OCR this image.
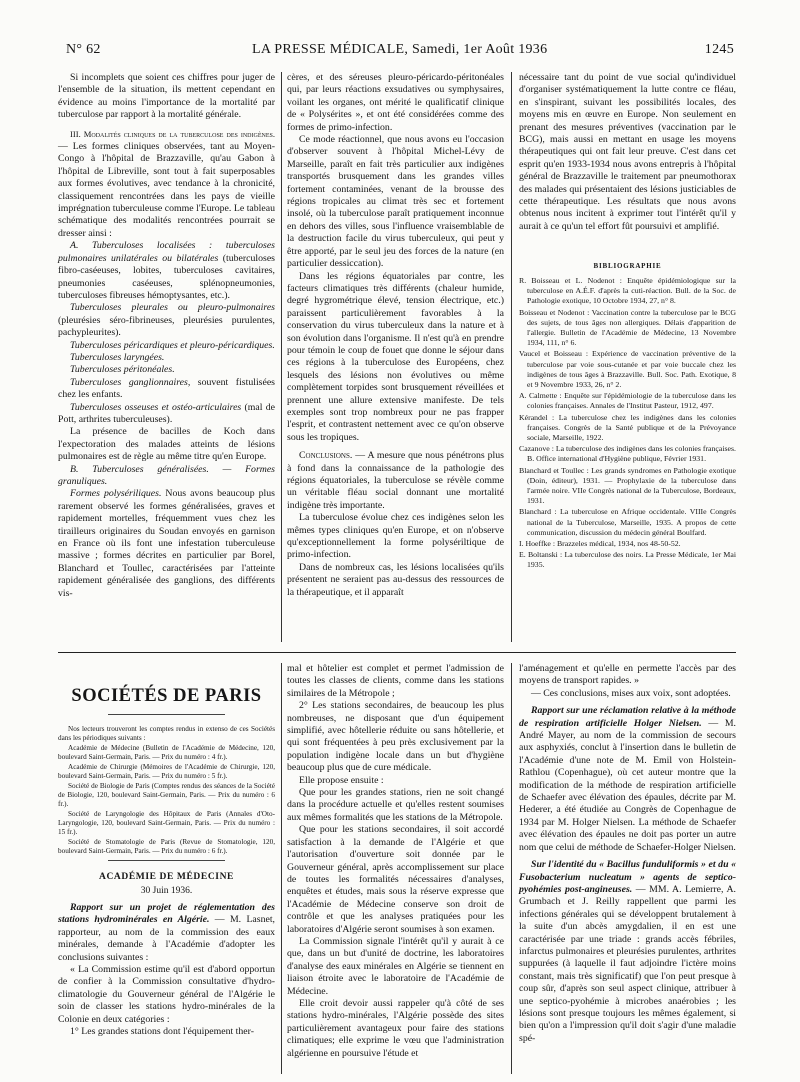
N° 62	LA PRESSE MÉDICALE, Samedi, 1er Août 1936	1245

Si incomplets que soient ces chiffres pour juger de l'ensemble de la situation, ils mettent cependant en évidence au moins l'importance de la mortalité par tuberculose par rapport à la mortalité générale.

III. Modalités cliniques de la tuberculose des indigènes. — Les formes cliniques observées, tant au Moyen-Congo à l'hôpital de Brazzaville, qu'au Gabon à l'hôpital de Libreville, sont tout à fait superposables aux formes évolutives, avec tendance à la chronicité, classiquement rencontrées dans les pays de vieille imprégnation tuberculeuse comme l'Europe. Le tableau schématique des modalités rencontrées pourrait se dresser ainsi :

A. Tuberculoses localisées : tuberculoses pulmonaires unilatérales ou bilatérales (tuberculoses fibro-caséeuses, lobites, tuberculoses cavitaires, pneumonies caséeuses, splénopneumonies, tuberculoses fibreuses hémoptysantes, etc.).

Tuberculoses pleurales ou pleuro-pulmonaires (pleurésies séro-fibrineuses, pleurésies purulentes, pachypleurites).

Tuberculoses péricardiques et pleuro-péricardiques.

Tuberculoses laryngées.

Tuberculoses péritonéales.

Tuberculoses ganglionnaires, souvent fistulisées chez les enfants.

Tuberculoses osseuses et ostéo-articulaires (mal de Pott, arthrites tuberculeuses).

La présence de bacilles de Koch dans l'expectoration des malades atteints de lésions pulmonaires est de règle au même titre qu'en Europe.

B. Tuberculoses généralisées. — Formes granuliques.

Formes polysériliques. Nous avons beaucoup plus rarement observé les formes généralisées, graves et rapidement mortelles, fréquemment vues chez les tirailleurs originaires du Soudan envoyés en garnison en France où ils font une infestation tuberculeuse massive ; formes décrites en particulier par Borel, Blanchard et Toullec, caractérisées par l'atteinte rapidement généralisée des ganglions, des différents vis-

cères, et des séreuses pleuro-péricardo-péritonéales qui, par leurs réactions exsudatives ou symphysaires, voilant les organes, ont mérité le qualificatif clinique de « Polysérites », et ont été considérées comme des formes de primo-infection.

Ce mode réactionnel, que nous avons eu l'occasion d'observer souvent à l'hôpital Michel-Lévy de Marseille, paraît en fait très particulier aux indigènes transportés brusquement dans les grandes villes fortement contaminées, venant de la brousse des régions tropicales au climat très sec et fortement insolé, où la tuberculose paraît pratiquement inconnue en dehors des villes, sous l'influence vraisemblable de la destruction facile du virus tuberculeux, qui peut y être apporté, par le seul jeu des forces de la nature (en particulier dessiccation).

Dans les régions équatoriales par contre, les facteurs climatiques très différents (chaleur humide, degré hygrométrique élevé, tension électrique, etc.) paraissent particulièrement favorables à la conservation du virus tuberculeux dans la nature et à son évolution dans l'organisme. Il n'est qu'à en prendre pour témoin le coup de fouet que donne le séjour dans ces régions à la tuberculose des Européens, chez lesquels des lésions non évolutives ou même complètement torpides sont brusquement réveillées et prennent une allure extensive manifeste. De tels exemples sont trop nombreux pour ne pas frapper l'esprit, et contrastent nettement avec ce qu'on observe sous les tropiques.

Conclusions. — A mesure que nous pénétrons plus à fond dans la connaissance de la pathologie des régions équatoriales, la tuberculose se révèle comme un véritable fléau social donnant une mortalité indigène très importante.

La tuberculose évolue chez ces indigènes selon les mêmes types cliniques qu'en Europe, et on n'observe qu'exceptionnellement la forme polysériltique de primo-infection.

Dans de nombreux cas, les lésions localisées qu'ils présentent ne seraient pas au-dessus des ressources de la thérapeutique, et il apparaît

nécessaire tant du point de vue social qu'individuel d'organiser systématiquement la lutte contre ce fléau, en s'inspirant, suivant les possibilités locales, des moyens mis en œuvre en Europe. Non seulement en prenant des mesures préventives (vaccination par le BCG), mais aussi en mettant en usage les moyens thérapeutiques qui ont fait leur preuve. C'est dans cet esprit qu'en 1933-1934 nous avons entrepris à l'hôpital général de Brazzaville le traitement par pneumothorax des malades qui présentaient des lésions justiciables de cette thérapeutique. Les résultats que nous avons obtenus nous incitent à exprimer tout l'intérêt qu'il y aurait à ce qu'un tel effort fût poursuivi et amplifié.

BIBLIOGRAPHIE

R. Boisseau et L. Nodenot : Enquête épidémiologique sur la tuberculose en A.É.F. d'après la cuti-réaction. Bull. de la Soc. de Pathologie exotique, 10 Octobre 1934, 27, n° 8.

Boisseau et Nodenot : Vaccination contre la tuberculose par le BCG des sujets, de tous âges non allergiques. Délais d'apparition de l'allergie. Bulletin de l'Académie de Médecine, 13 Novembre 1934, 111, n° 6.

Vaucel et Boisseau : Expérience de vaccination préventive de la tuberculose par voie sous-cutanée et par voie buccale chez les indigènes de tous âges à Brazzaville. Bull. Soc. Path. Exotique, 8 et 9 Novembre 1933, 26, n° 2.

A. Calmette : Enquête sur l'épidémiologie de la tuberculose dans les colonies françaises. Annales de l'Institut Pasteur, 1912, 497.

Kérandel : La tuberculose chez les indigènes dans les colonies françaises. Congrès de la Santé publique et de la Prévoyance sociale, Marseille, 1922.

Cazanove : La tuberculose des indigènes dans les colonies françaises. B. Office international d'Hygiène publique, Février 1931.

Blanchard et Toullec : Les grands syndromes en Pathologie exotique (Doin, éditeur), 1931. — Prophylaxie de la tuberculose dans l'armée noire. VIIe Congrès national de la Tuberculose, Bordeaux, 1931.

Blanchard : La tuberculose en Afrique occidentale. VIIIe Congrès national de la Tuberculose, Marseille, 1935. A propos de cette communication, discussion du médecin général Boulfard.

I. Hoeffke : Brazzeles médical, 1934, nos 48-50-52.

E. Boltanski : La tuberculose des noirs. La Presse Médicale, 1er Mai 1935.

SOCIÉTÉS DE PARIS

Nos lecteurs trouveront les comptes rendus in extenso de ces Sociétés dans les périodiques suivants :

Académie de Médecine (Bulletin de l'Académie de Médecine, 120, boulevard Saint-Germain, Paris. — Prix du numéro : 4 fr.).

Académie de Chirurgie (Mémoires de l'Académie de Chirurgie, 120, boulevard Saint-Germain, Paris. — Prix du numéro : 5 fr.).

Société de Biologie de Paris (Comptes rendus des séances de la Société de Biologie, 120, boulevard Saint-Germain, Paris. — Prix du numéro : 6 fr.).

Société de Laryngologie des Hôpitaux de Paris (Annales d'Oto-Laryngologie, 120, boulevard Saint-Germain, Paris. — Prix du numéro : 15 fr.).

Société de Stomatologie de Paris (Revue de Stomatologie, 120, boulevard Saint-Germain, Paris. — Prix du numéro : 6 fr.).

ACADÉMIE DE MÉDECINE
30 Juin 1936.

Rapport sur un projet de réglementation des stations hydrominérales en Algérie. — M. Lasnet, rapporteur, au nom de la commission des eaux minérales, demande à l'Académie d'adopter les conclusions suivantes :

« La Commission estime qu'il est d'abord opportun de confier à la Commission consultative d'hydro-climatologie du Gouverneur général de l'Algérie le soin de classer les stations hydro-minérales de la Colonie en deux catégories :

1° Les grandes stations dont l'équipement ther-

mal et hôtelier est complet et permet l'admission de toutes les classes de clients, comme dans les stations similaires de la Métropole ;

2° Les stations secondaires, de beaucoup les plus nombreuses, ne disposant que d'un équipement simplifié, avec hôtellerie réduite ou sans hôtellerie, et qui sont fréquentées à peu près exclusivement par la population indigène locale dans un but d'hygiène beaucoup plus que de cure médicale.

Elle propose ensuite :

Que pour les grandes stations, rien ne soit changé dans la procédure actuelle et qu'elles restent soumises aux mêmes formalités que les stations de la Métropole.

Que pour les stations secondaires, il soit accordé satisfaction à la demande de l'Algérie et que l'autorisation d'ouverture soit donnée par le Gouverneur général, après accomplissement sur place de toutes les formalités nécessaires d'analyses, enquêtes et études, mais sous la réserve expresse que l'Académie de Médecine conserve son droit de contrôle et que les analyses pratiquées pour les laboratoires d'Algérie seront soumises à son examen.

La Commission signale l'intérêt qu'il y aurait à ce que, dans un but d'unité de doctrine, les laboratoires d'analyse des eaux minérales en Algérie se tiennent en liaison étroite avec le laboratoire de l'Académie de Médecine.

Elle croit devoir aussi rappeler qu'à côté de ses stations hydro-minérales, l'Algérie possède des sites particulièrement avantageux pour faire des stations climatiques; elle exprime le vœu que l'administration algérienne en poursuive l'étude et

l'aménagement et qu'elle en permette l'accès par des moyens de transport rapides. »

— Ces conclusions, mises aux voix, sont adoptées.

Rapport sur une réclamation relative à la méthode de respiration artificielle Holger Nielsen. — M. André Mayer, au nom de la commission de secours aux asphyxiés, conclut à l'insertion dans le bulletin de l'Académie d'une note de M. Emil von Holstein-Rathlou (Copenhague), où cet auteur montre que la modification de la méthode de respiration artificielle de Schaefer avec élévation des épaules, décrite par M. Hederer, a été étudiée au Congrès de Copenhague de 1934 par M. Holger Nielsen. La méthode de Schaefer avec élévation des épaules ne doit pas porter un autre nom que celui de méthode de Schaefer-Holger Nielsen.

Sur l'identité du « Bacillus funduliformis » et du « Fusobacterium nucleatum » agents de septico-pyohémies post-angineuses. — MM. A. Lemierre, A. Grumbach et J. Reilly rappellent que parmi les infections générales qui se développent brutalement à la suite d'un abcès amygdalien, il en est une caractérisée par une triade : grands accès fébriles, infarctus pulmonaires et pleurésies purulentes, arthrites suppurées (à laquelle il faut adjoindre l'ictère moins constant, mais très significatif) que l'on peut presque à coup sûr, d'après son seul aspect clinique, attribuer à une septico-pyohémie à microbes anaérobies ; les lésions sont presque toujours les mêmes également, si bien qu'on a l'impression qu'il doit s'agir d'une maladie spé-
